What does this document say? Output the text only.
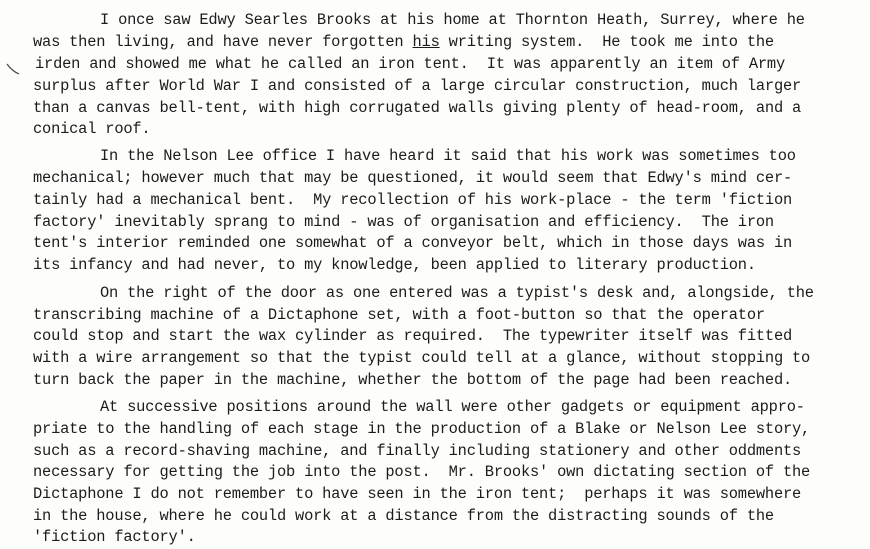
I once saw Edwy Searles Brooks at his home at Thornton Heath, Surrey, where he
was then living, and have never forgotten his writing system.  He took me into the
irden and showed me what he called an iron tent.  It was apparently an item of Army
surplus after World War I and consisted of a large circular construction, much larger
than a canvas bell-tent, with high corrugated walls giving plenty of head-room, and a
conical roof.
In the Nelson Lee office I have heard it said that his work was sometimes too
mechanical; however much that may be questioned, it would seem that Edwy's mind cer-
tainly had a mechanical bent.  My recollection of his work-place - the term 'fiction
factory' inevitably sprang to mind - was of organisation and efficiency.  The iron
tent's interior reminded one somewhat of a conveyor belt, which in those days was in
its infancy and had never, to my knowledge, been applied to literary production.
On the right of the door as one entered was a typist's desk and, alongside, the
transcribing machine of a Dictaphone set, with a foot-button so that the operator
could stop and start the wax cylinder as required.  The typewriter itself was fitted
with a wire arrangement so that the typist could tell at a glance, without stopping to
turn back the paper in the machine, whether the bottom of the page had been reached.
At successive positions around the wall were other gadgets or equipment appro-
priate to the handling of each stage in the production of a Blake or Nelson Lee story,
such as a record-shaving machine, and finally including stationery and other oddments
necessary for getting the job into the post.  Mr. Brooks' own dictating section of the
Dictaphone I do not remember to have seen in the iron tent;  perhaps it was somewhere
in the house, where he could work at a distance from the distracting sounds of the
'fiction factory'.
